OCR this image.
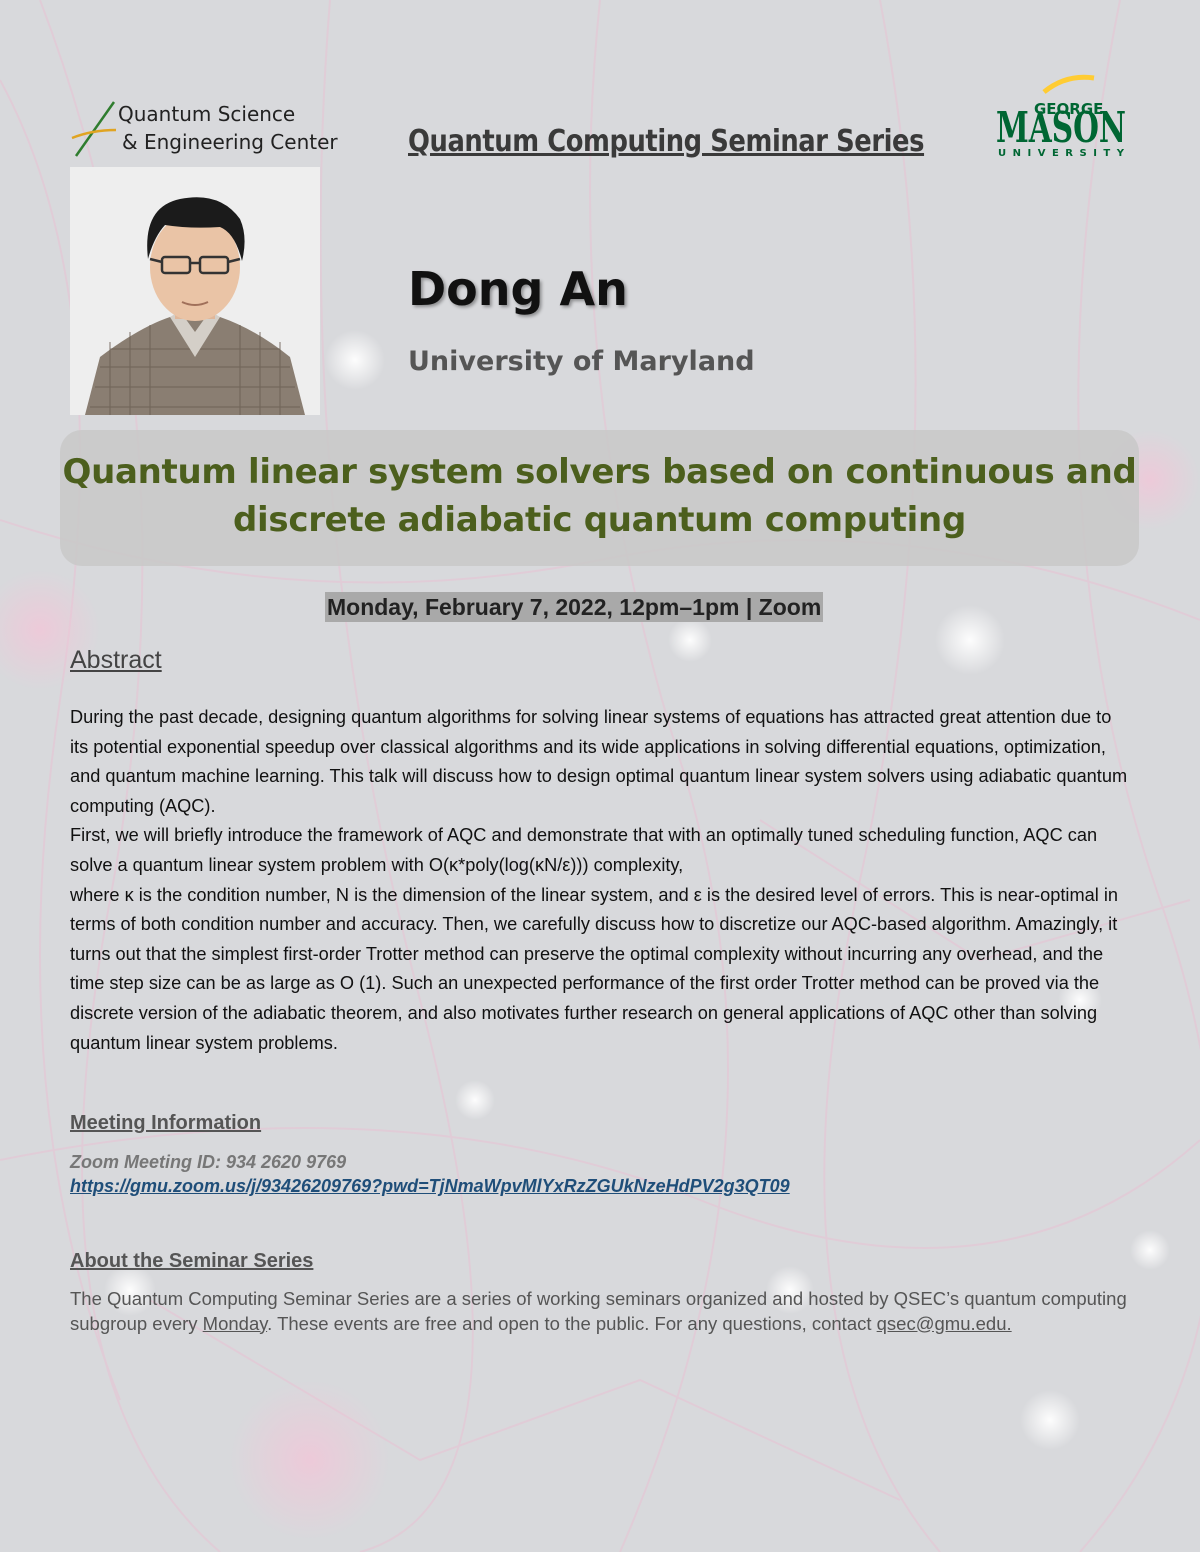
Quantum Science
& Engineering Center Quantum Computing Seminar Series
GEORGE
MASON
UNIVERSITY
Dong An
University of Maryland
Quantum linear system solvers based on continuous and discrete adiabatic quantum computing
Monday, February 7, 2022, 12pm–1pm | Zoom
Abstract

During the past decade, designing quantum algorithms for solving linear systems of equations has attracted great attention due to its potential exponential speedup over classical algorithms and its wide applications in solving differential equations, optimization, and quantum machine learning. This talk will discuss how to design optimal quantum linear system solvers using adiabatic quantum computing (AQC).

First, we will briefly introduce the framework of AQC and demonstrate that with an optimally tuned scheduling function, AQC can solve a quantum linear system problem with O(κ*poly(log(κN/ε))) complexity,

where κ is the condition number, N is the dimension of the linear system, and ε is the desired level of errors. This is near-optimal in terms of both condition number and accuracy. Then, we carefully discuss how to discretize our AQC-based algorithm. Amazingly, it turns out that the simplest first-order Trotter method can preserve the optimal complexity without incurring any overhead, and the time step size can be as large as O (1). Such an unexpected performance of the first order Trotter method can be proved via the discrete version of the adiabatic theorem, and also motivates further research on general applications of AQC other than solving quantum linear system problems.

Meeting Information
Zoom Meeting ID: 934 2620 9769
https://gmu.zoom.us/j/93426209769?pwd=TjNmaWpvMlYxRzZGUkNzeHdPV2g3QT09
About the Seminar Series
The Quantum Computing Seminar Series are a series of working seminars organized and hosted by QSEC’s quantum computing subgroup every Monday. These events are free and open to the public. For any questions, contact qsec@gmu.edu.
